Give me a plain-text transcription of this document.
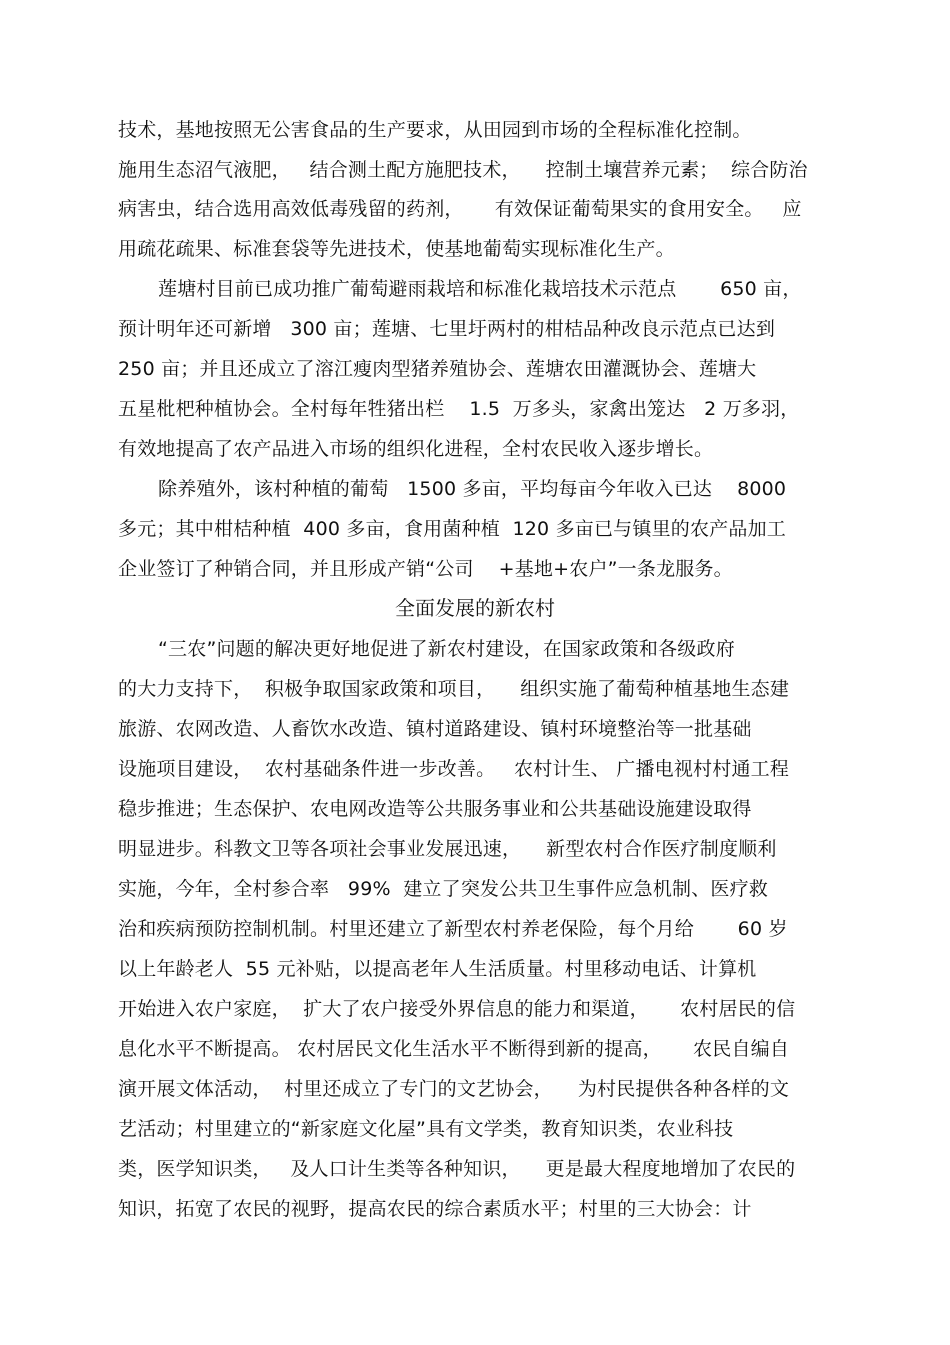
技术，基地按照无公害食品的生产要求，从田园到市场的全程标准化控制。
施用生态沼气液肥，   结合测土配方施肥技术，    控制土壤营养元素；  综合防治
病害虫，结合选用高效低毒残留的药剂，     有效保证葡萄果实的食用安全。   应
用疏花疏果、标准套袋等先进技术，使基地葡萄实现标准化生产。
莲塘村目前已成功推广葡萄避雨栽培和标准化栽培技术示范点       650 亩，
预计明年还可新增   300 亩；莲塘、七里圩两村的柑桔品种改良示范点已达到
250 亩；并且还成立了溶江瘦肉型猪养殖协会、莲塘农田灌溉协会、莲塘大
五星枇杷种植协会。全村每年牲猪出栏    1.5  万多头，家禽出笼达   2 万多羽，
有效地提高了农产品进入市场的组织化进程，全村农民收入逐步增长。
除养殖外，该村种植的葡萄   1500 多亩，平均每亩今年收入已达    8000
多元；其中柑桔种植  400 多亩，食用菌种植  120 多亩已与镇里的农产品加工
企业签订了种销合同，并且形成产销“公司    +基地+农户”一条龙服务。
全面发展的新农村
“三农”问题的解决更好地促进了新农村建设，在国家政策和各级政府
的大力支持下，  积极争取国家政策和项目，    组织实施了葡萄种植基地生态建
旅游、农网改造、人畜饮水改造、镇村道路建设、镇村环境整治等一批基础
设施项目建设，  农村基础条件进一步改善。   农村计生、 广播电视村村通工程
稳步推进；生态保护、农电网改造等公共服务事业和公共基础设施建设取得
明显进步。科教文卫等各项社会事业发展迅速，    新型农村合作医疗制度顺利
实施，今年，全村参合率   99%  建立了突发公共卫生事件应急机制、医疗救
治和疾病预防控制机制。村里还建立了新型农村养老保险，每个月给       60 岁
以上年龄老人  55 元补贴，以提高老年人生活质量。村里移动电话、计算机
开始进入农户家庭，  扩大了农户接受外界信息的能力和渠道，     农村居民的信
息化水平不断提高。 农村居民文化生活水平不断得到新的提高，     农民自编自
演开展文体活动，  村里还成立了专门的文艺协会，    为村民提供各种各样的文
艺活动；村里建立的“新家庭文化屋”具有文学类，教育知识类，农业科技
类，医学知识类，   及人口计生类等各种知识，    更是最大程度地增加了农民的
知识，拓宽了农民的视野，提高农民的综合素质水平；村里的三大协会：计
